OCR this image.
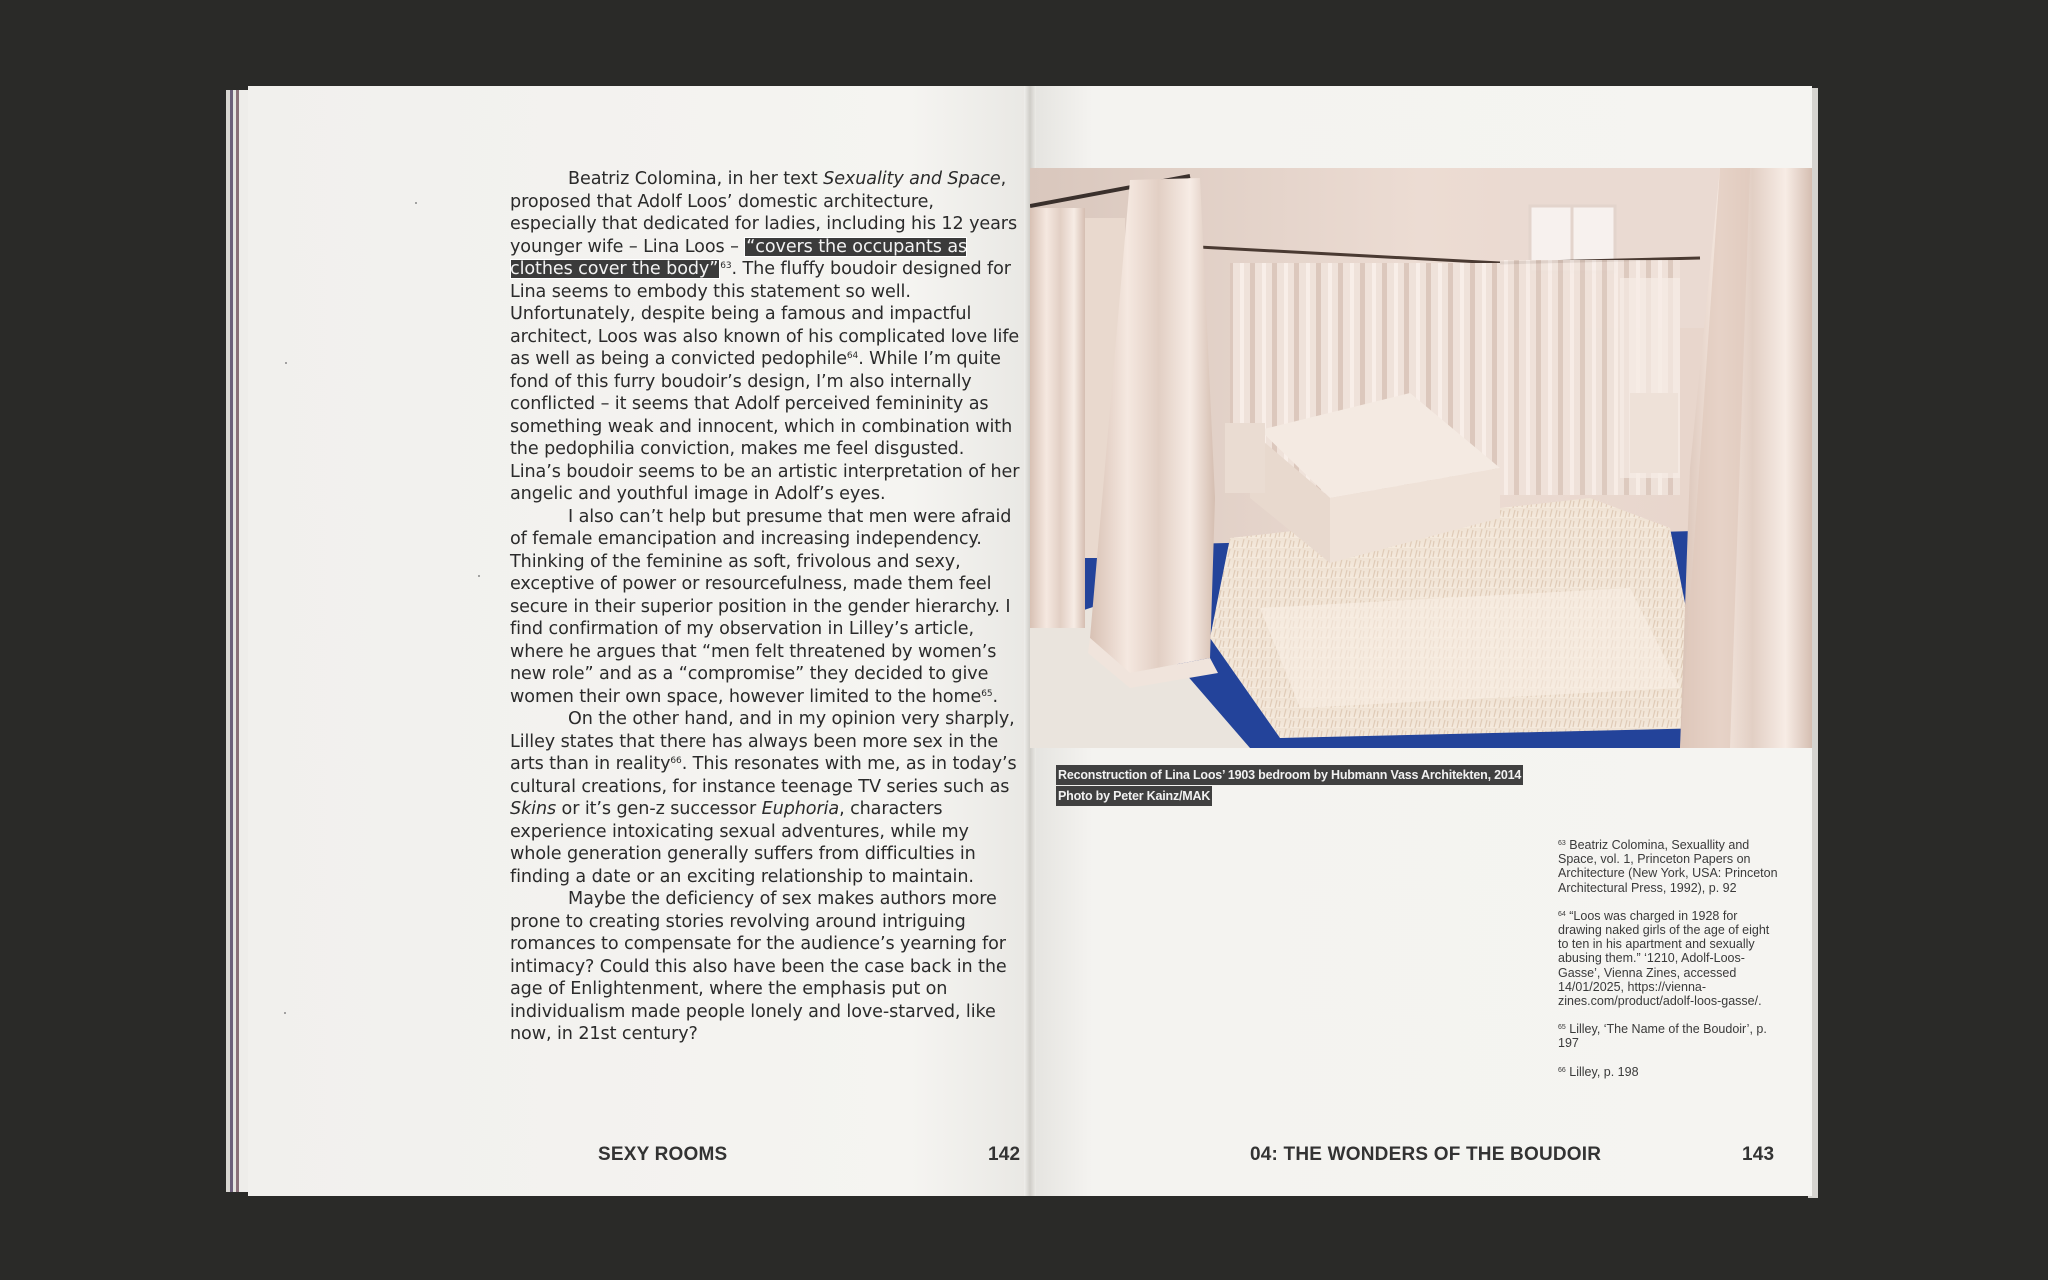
Beatriz Colomina, in her text Sexuality and Space, proposed that Adolf Loos’ domestic architecture, especially that dedicated for ladies, including his 12 years younger wife – Lina Loos – “covers the occupants as clothes cover the body” $^{63}$. The fluffy boudoir designed for Lina seems to embody this statement so well. Unfortunately, despite being a famous and impactful architect, Loos was also known of his complicated love life as well as being a convicted pedophile$^{64}$. While I’m quite fond of this furry boudoir’s design, I’m also internally conflicted – it seems that Adolf perceived femininity as something weak and innocent, which in combination with the pedophilia conviction, makes me feel disgusted. Lina’s boudoir seems to be an artistic interpretation of her angelic and youthful image in Adolf’s eyes.

I also can’t help but presume that men were afraid of female emancipation and increasing independency. Thinking of the feminine as soft, frivolous and sexy, exceptive of power or resourcefulness, made them feel secure in their superior position in the gender hierarchy. I find confirmation of my observation in Lilley’s article, where he argues that “men felt threatened by women’s new role” and as a “compromise” they decided to give women their own space, however limited to the home$^{65}$.

On the other hand, and in my opinion very sharply, Lilley states that there has always been more sex in the arts than in reality$^{66}$. This resonates with me, as in today’s cultural creations, for instance teenage TV series such as Skins or it’s gen-z successor Euphoria, characters experience intoxicating sexual adventures, while my whole generation generally suffers from difficulties in finding a date or an exciting relationship to maintain.

Maybe the deficiency of sex makes authors more prone to creating stories revolving around intriguing romances to compensate for the audience’s yearning for intimacy? Could this also have been the case back in the age of Enlightenment, where the emphasis put on individualism made people lonely and love-starved, like now, in 21st century?

SEXY ROOMS	142
Reconstruction of Lina Loos’ 1903 bedroom by Hubmann Vass Architekten, 2014
Photo by Peter Kainz/MAK

$^{63}$ Beatriz Colomina, Sexuallity and Space, vol. 1, Princeton Papers on Architecture (New York, USA: Princeton Architectural Press, 1992), p. 92
$^{64}$ “Loos was charged in 1928 for drawing naked girls of the age of eight to ten in his apartment and sexually abusing them.” ‘1210, Adolf-Loos-Gasse’, Vienna Zines, accessed 14/01/2025, https://vienna-zines.com/product/adolf-loos-gasse/.
$^{65}$ Lilley, ‘The Name of the Boudoir’, p. 197
$^{66}$ Lilley, p. 198
04: THE WONDERS OF THE BOUDOIR	143
